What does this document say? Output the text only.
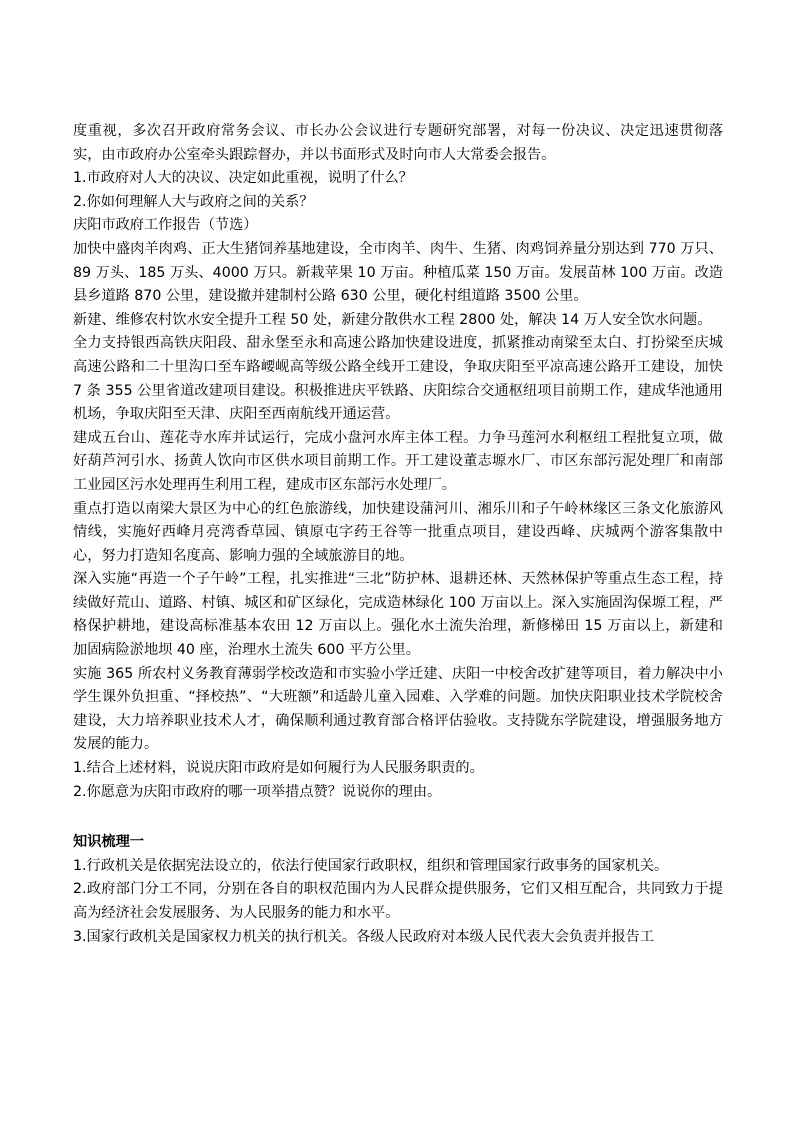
度重视，多次召开政府常务会议、市长办公会议进行专题研究部署，对每一份决议、决定迅速贯彻落实，由市政府办公室牵头跟踪督办，并以书面形式及时向市人大常委会报告。

1.市政府对人大的决议、决定如此重视，说明了什么？

2.你如何理解人大与政府之间的关系？

庆阳市政府工作报告（节选）

加快中盛肉羊肉鸡、正大生猪饲养基地建设，全市肉羊、肉牛、生猪、肉鸡饲养量分别达到 770 万只、89 万头、185 万头、4000 万只。新栽苹果 10 万亩。种植瓜菜 150 万亩。发展苗林 100 万亩。改造县乡道路 870 公里，建设撤并建制村公路 630 公里，硬化村组道路 3500 公里。

新建、维修农村饮水安全提升工程 50 处，新建分散供水工程 2800 处，解决 14 万人安全饮水问题。

全力支持银西高铁庆阳段、甜永堡至永和高速公路加快建设进度，抓紧推动南梁至太白、打扮梁至庆城高速公路和二十里沟口至车路崾岘高等级公路全线开工建设，争取庆阳至平凉高速公路开工建设，加快 7 条 355 公里省道改建项目建设。积极推进庆平铁路、庆阳综合交通枢纽项目前期工作，建成华池通用机场，争取庆阳至天津、庆阳至西南航线开通运营。

建成五台山、莲花寺水库并试运行，完成小盘河水库主体工程。力争马莲河水利枢纽工程批复立项，做好葫芦河引水、扬黄人饮向市区供水项目前期工作。开工建设董志塬水厂、市区东部污泥处理厂和南部工业园区污水处理再生利用工程，建成市区东部污水处理厂。

重点打造以南梁大景区为中心的红色旅游线，加快建设蒲河川、湘乐川和子午岭林缘区三条文化旅游风情线，实施好西峰月亮湾香草园、镇原屯字药王谷等一批重点项目，建设西峰、庆城两个游客集散中心，努力打造知名度高、影响力强的全域旅游目的地。

深入实施“再造一个子午岭”工程，扎实推进“三北”防护林、退耕还林、天然林保护等重点生态工程，持续做好荒山、道路、村镇、城区和矿区绿化，完成造林绿化 100 万亩以上。深入实施固沟保塬工程，严格保护耕地，建设高标准基本农田 12 万亩以上。强化水土流失治理，新修梯田 15 万亩以上，新建和加固病险淤地坝 40 座，治理水土流失 600 平方公里。

实施 365 所农村义务教育薄弱学校改造和市实验小学迁建、庆阳一中校舍改扩建等项目，着力解决中小学生课外负担重、“择校热”、“大班额”和适龄儿童入园难、入学难的问题。加快庆阳职业技术学院校舍建设，大力培养职业技术人才，确保顺利通过教育部合格评估验收。支持陇东学院建设，增强服务地方发展的能力。

1.结合上述材料，说说庆阳市政府是如何履行为人民服务职责的。

2.你愿意为庆阳市政府的哪一项举措点赞？说说你的理由。

知识梳理一

1.行政机关是依据宪法设立的，依法行使国家行政职权，组织和管理国家行政事务的国家机关。

2.政府部门分工不同，分别在各自的职权范围内为人民群众提供服务，它们又相互配合，共同致力于提高为经济社会发展服务、为人民服务的能力和水平。

3.国家行政机关是国家权力机关的执行机关。各级人民政府对本级人民代表大会负责并报告工
